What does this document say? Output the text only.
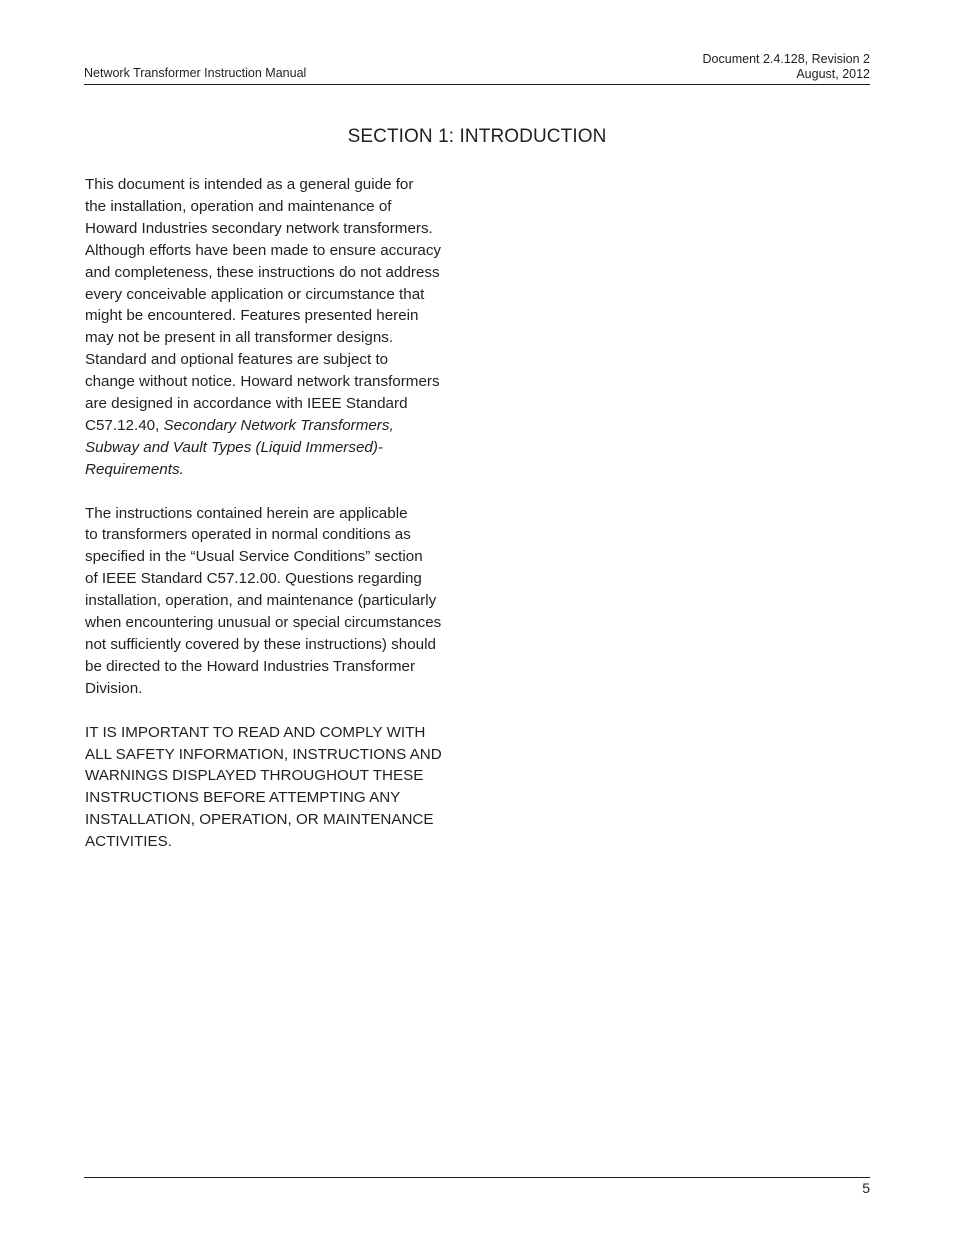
Network Transformer Instruction Manual
Document 2.4.128, Revision 2
August, 2012
SECTION 1: INTRODUCTION

This document is intended as a general guide for
the installation, operation and maintenance of
Howard Industries secondary network transformers.
Although efforts have been made to ensure accuracy
and completeness, these instructions do not address
every conceivable application or circumstance that
might be encountered. Features presented herein
may not be present in all transformer designs.
Standard and optional features are subject to
change without notice. Howard network transformers
are designed in accordance with IEEE Standard
C57.12.40, Secondary Network Transformers,
Subway and Vault Types (Liquid Immersed)-
Requirements.

The instructions contained herein are applicable
to transformers operated in normal conditions as
specified in the “Usual Service Conditions” section
of IEEE Standard C57.12.00. Questions regarding
installation, operation, and maintenance (particularly
when encountering unusual or special circumstances
not sufficiently covered by these instructions) should
be directed to the Howard Industries Transformer
Division.

IT IS IMPORTANT TO READ AND COMPLY WITH
ALL SAFETY INFORMATION, INSTRUCTIONS AND
WARNINGS DISPLAYED THROUGHOUT THESE
INSTRUCTIONS BEFORE ATTEMPTING ANY
INSTALLATION, OPERATION, OR MAINTENANCE
ACTIVITIES.

5
